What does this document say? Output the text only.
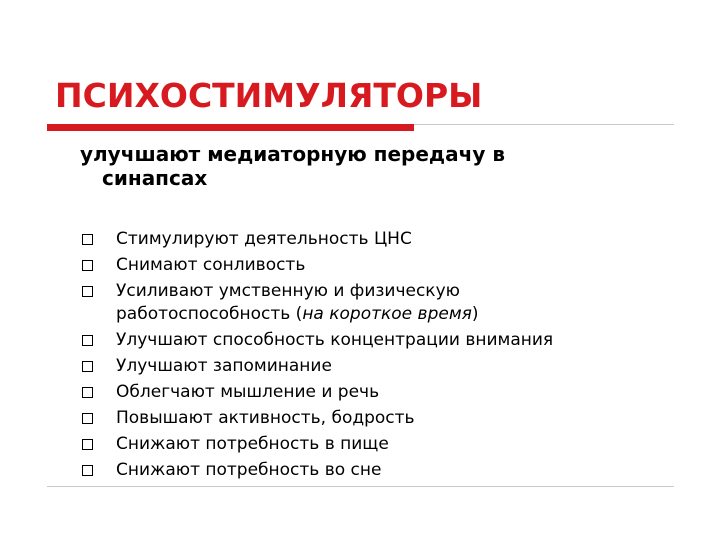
ПСИХОСТИМУЛЯТОРЫ
улучшают медиаторную передачу в
синапсах
Стимулируют деятельность ЦНС
Снимают сонливость
Усиливают умственную и физическую
работоспособность (на короткое время)
Улучшают способность концентрации внимания
Улучшают запоминание
Облегчают мышление и речь
Повышают активность, бодрость
Снижают потребность в пище
Снижают потребность во сне
